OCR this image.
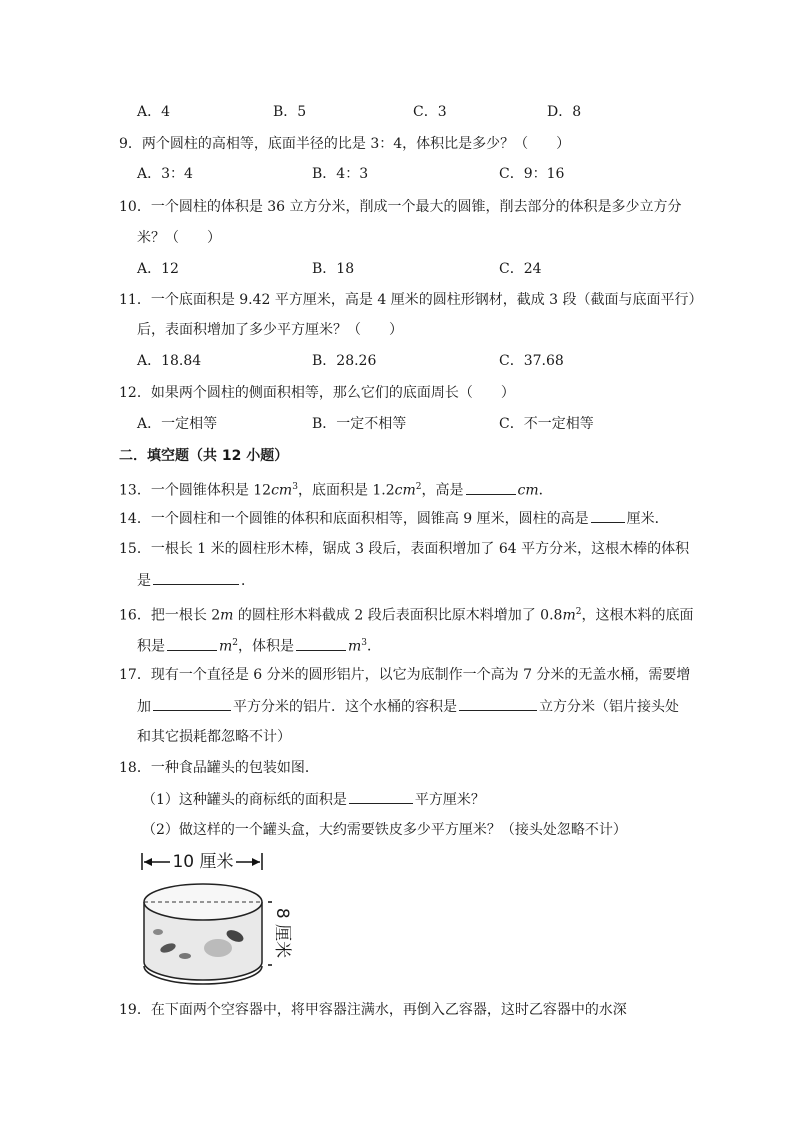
A．4	B．5	C．3	D．8
9．两个圆柱的高相等，底面半径的比是 3：4，体积比是多少？（　　）
A．3：4	B．4：3	C．9：16
10．一个圆柱的体积是 36 立方分米，削成一个最大的圆锥，削去部分的体积是多少立方分
米？（　　）
A．12	B．18	C．24
11．一个底面积是 9.42 平方厘米，高是 4 厘米的圆柱形钢材，截成 3 段（截面与底面平行）
后，表面积增加了多少平方厘米？（　　）
A．18.84	B．28.26	C．37.68
12．如果两个圆柱的侧面积相等，那么它们的底面周长（　　）
A．一定相等	B．一定不相等	C．不一定相等
二．填空题（共 12 小题）
13．一个圆锥体积是 $12cm^3$，底面积是 $1.2cm^2$，高是	cm．
14．一个圆柱和一个圆锥的体积和底面积相等，圆锥高 9 厘米，圆柱的高是	厘米．
15．一根长 1 米的圆柱形木棒，锯成 3 段后，表面积增加了 64 平方分米，这根木棒的体积
是	．
16．把一根长 2m 的圆柱形木料截成 2 段后表面积比原木料增加了 $0.8m^2$，这根木料的底面
积是	$m^2$，体积是	$m^3$．
17．现有一个直径是 6 分米的圆形铝片，以它为底制作一个高为 7 分米的无盖水桶，需要增
加	平方分米的铝片．这个水桶的容积是	立方分米（铝片接头处
和其它损耗都忽略不计）
18．一种食品罐头的包装如图．
（1）这种罐头的商标纸的面积是	平方厘米？
（2）做这样的一个罐头盒，大约需要铁皮多少平方厘米？（接头处忽略不计）
10 厘米
8 厘米
19．在下面两个空容器中，将甲容器注满水，再倒入乙容器，这时乙容器中的水深
